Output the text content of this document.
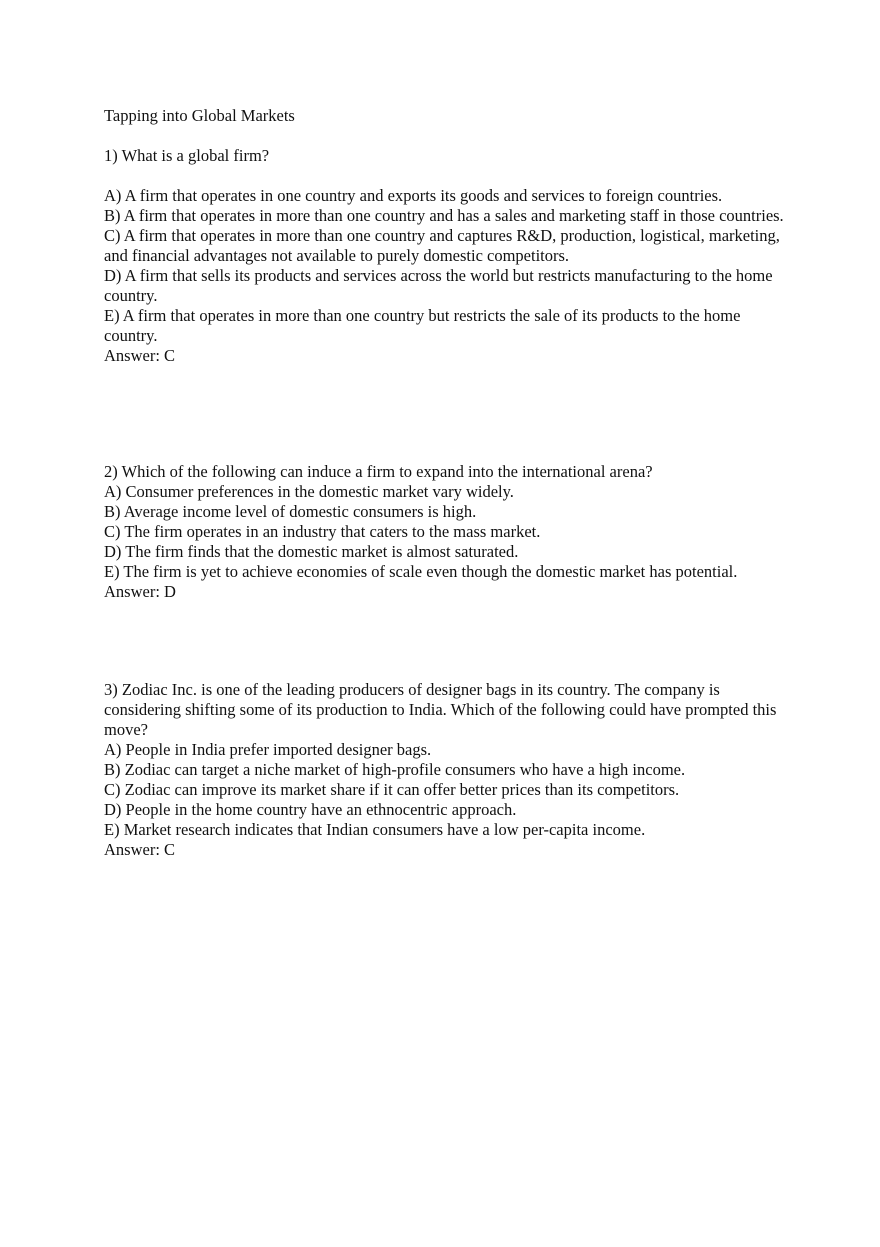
Tapping into Global Markets

1) What is a global firm?

A) A firm that operates in one country and exports its goods and services to foreign countries.
B) A firm that operates in more than one country and has a sales and marketing staff in those countries.
C) A firm that operates in more than one country and captures R&D, production, logistical, marketing, and financial advantages not available to purely domestic competitors.
D) A firm that sells its products and services across the world but restricts manufacturing to the home country.
E) A firm that operates in more than one country but restricts the sale of its products to the home country.

Answer: C

2) Which of the following can induce a firm to expand into the international arena?

A) Consumer preferences in the domestic market vary widely.
B) Average income level of domestic consumers is high.
C) The firm operates in an industry that caters to the mass market.
D) The firm finds that the domestic market is almost saturated.
E) The firm is yet to achieve economies of scale even though the domestic market has potential.

Answer: D

3) Zodiac Inc. is one of the leading producers of designer bags in its country. The company is considering shifting some of its production to India. Which of the following could have prompted this move?

A) People in India prefer imported designer bags.
B) Zodiac can target a niche market of high-profile consumers who have a high income.
C) Zodiac can improve its market share if it can offer better prices than its competitors.
D) People in the home country have an ethnocentric approach.
E) Market research indicates that Indian consumers have a low per-capita income.

Answer: C
